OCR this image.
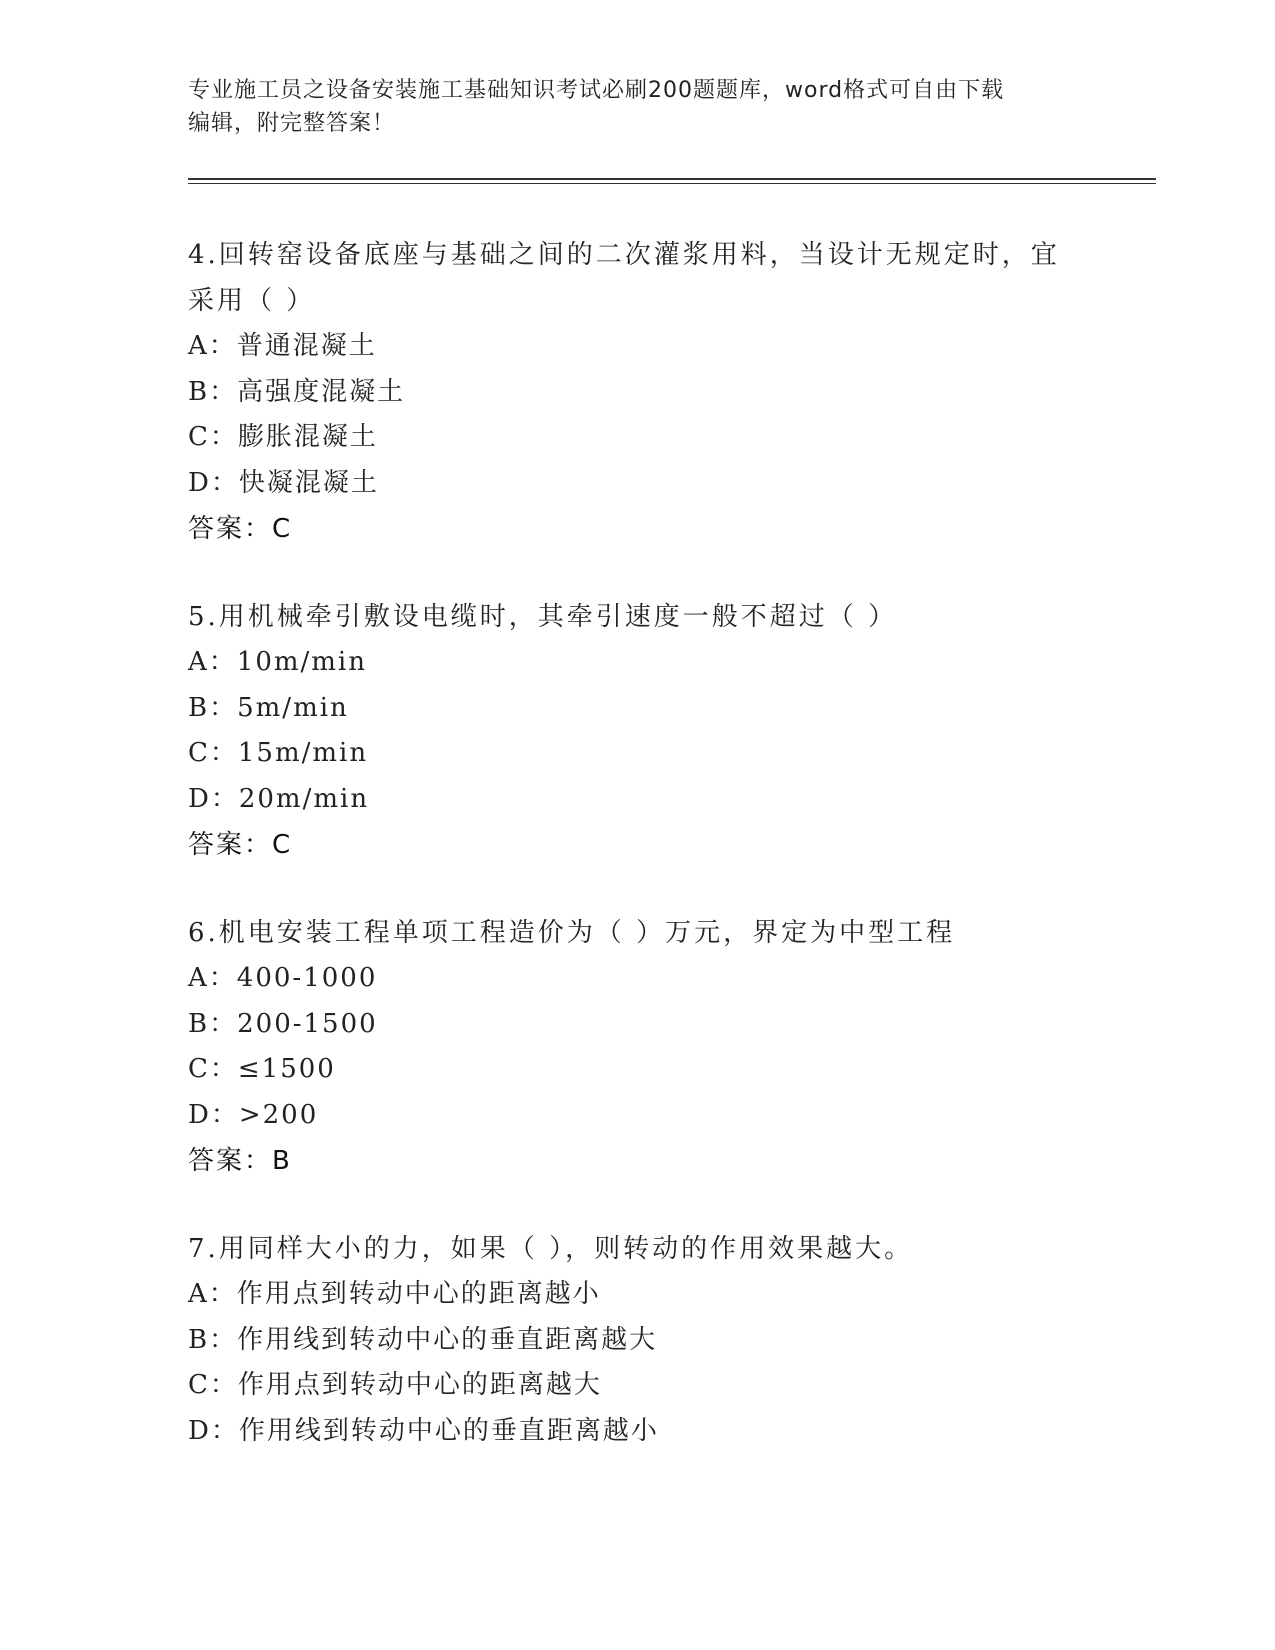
专业施工员之设备安装施工基础知识考试必刷200题题库，word格式可自由下载
编辑，附完整答案！

4.回转窑设备底座与基础之间的二次灌浆用料，当设计无规定时，宜

采用（ ）

A：普通混凝土

B：高强度混凝土

C：膨胀混凝土

D：快凝混凝土

答案：C

5.用机械牵引敷设电缆时，其牵引速度一般不超过（ ）

A：10m/min

B：5m/min

C：15m/min

D：20m/min

答案：C

6.机电安装工程单项工程造价为（ ）万元，界定为中型工程

A：400-1000

B：200-1500

C：≤1500

D：>200

答案：B

7.用同样大小的力，如果（ ），则转动的作用效果越大。

A：作用点到转动中心的距离越小

B：作用线到转动中心的垂直距离越大

C：作用点到转动中心的距离越大

D：作用线到转动中心的垂直距离越小
